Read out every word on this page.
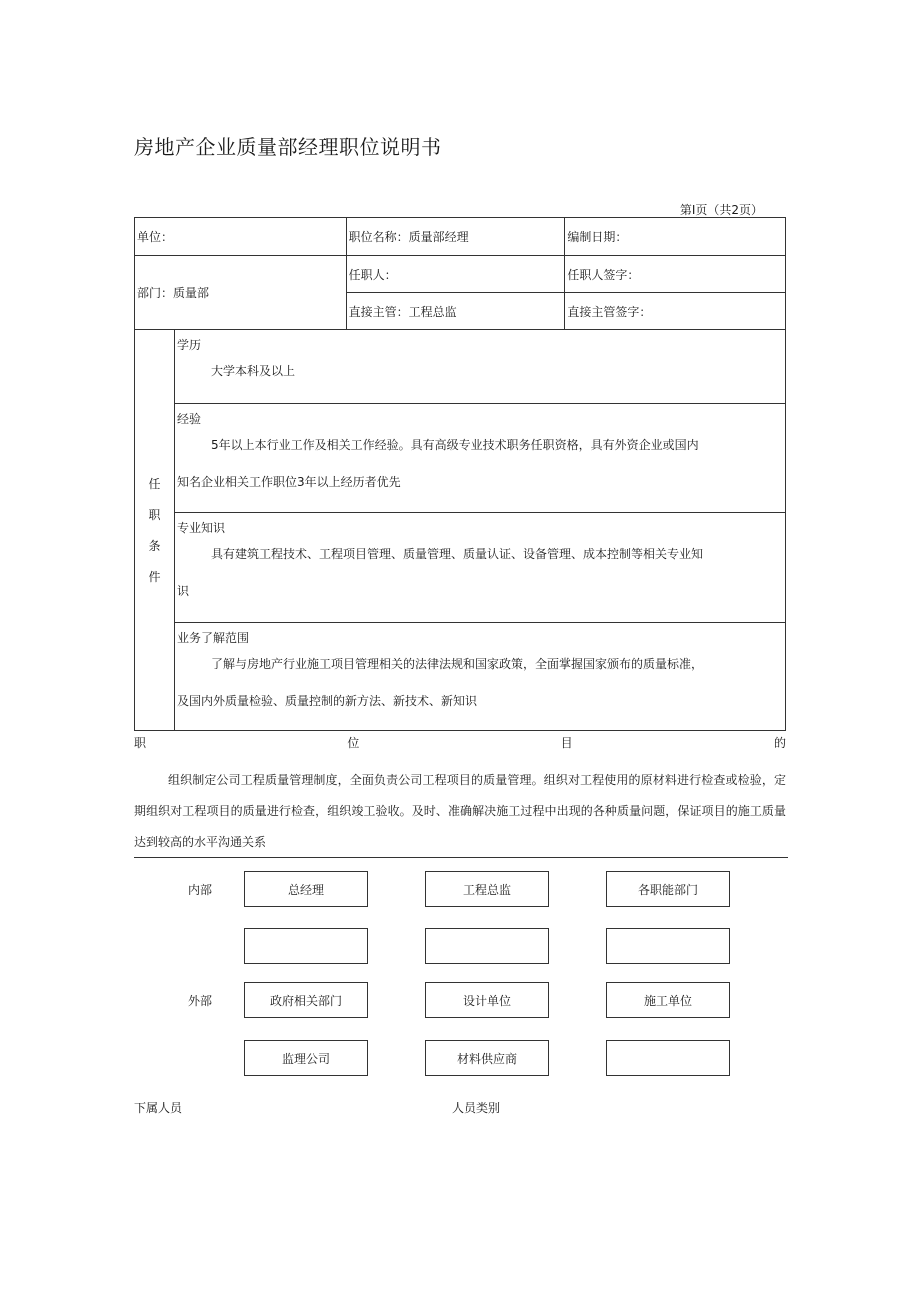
房地产企业质量部经理职位说明书
第I页（共2页）
单位：		职位名称：质量部经理	编制日期：
部门：质量部		任职人：	任职人签字：
		直接主管：工程总监	直接主管签字：

任
职
条
件	学历
大学本科及以上		

	经验
5年以上本行业工作及相关工作经验。具有高级专业技术职务任职资格，具有外资企业或国内
知名企业相关工作职位3年以上经历者优先		

	专业知识
具有建筑工程技术、工程项目管理、质量管理、质量认证、设备管理、成本控制等相关专业知
识		

	业务了解范围
了解与房地产行业施工项目管理相关的法律法规和国家政策，全面掌握国家颁布的质量标准，
及国内外质量检验、质量控制的新方法、新技术、新知识		
职	位	目	的
组织制定公司工程质量管理制度，全面负责公司工程项目的质量管理。组织对工程使用的原材料进行检查或检验，定期组织对工程项目的质量进行检查，组织竣工验收。及时、准确解决施工过程中出现的各种质量问题，保证项目的施工质量达到较高的水平沟通关系
内部	总经理	工程总监	各职能部门
外部	政府相关部门	设计单位	施工单位
监理公司	材料供应商
下属人员	人员类别
